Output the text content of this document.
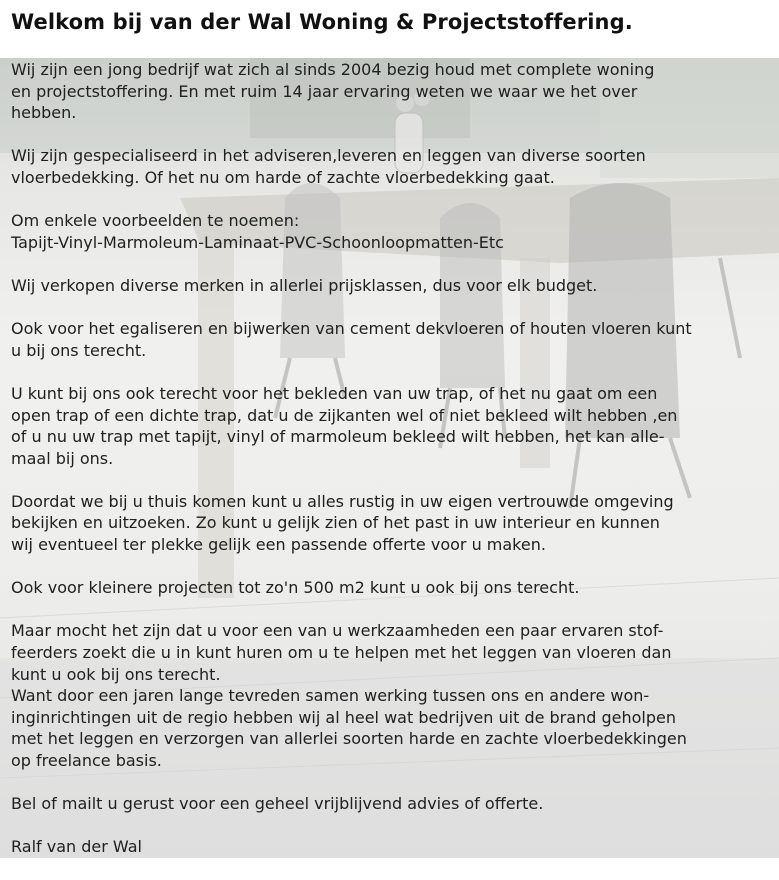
Welkom bij van der Wal Woning & Projectstoffering.

Wij zijn een jong bedrijf wat zich al sinds 2004 bezig houd met complete woning
en projectstoffering. En met ruim 14 jaar ervaring weten we waar we het over
hebben.

Wij zijn gespecialiseerd in het adviseren,leveren en leggen van diverse soorten
vloerbedekking. Of het nu om harde of zachte vloerbedekking gaat.

Om enkele voorbeelden te noemen:
Tapijt-Vinyl-Marmoleum-Laminaat-PVC-Schoonloopmatten-Etc

Wij verkopen diverse merken in allerlei prijsklassen, dus voor elk budget.

Ook voor het egaliseren en bijwerken van cement dekvloeren of houten vloeren kunt
u bij ons terecht.

U kunt bij ons ook terecht voor het bekleden van uw trap, of het nu gaat om een
open trap of een dichte trap, dat u de zijkanten wel of niet bekleed wilt hebben ,en
of u nu uw trap met tapijt, vinyl of marmoleum bekleed wilt hebben, het kan alle-
maal bij ons.

Doordat we bij u thuis komen kunt u alles rustig in uw eigen vertrouwde omgeving
bekijken en uitzoeken. Zo kunt u gelijk zien of het past in uw interieur en kunnen
wij eventueel ter plekke gelijk een passende offerte voor u maken.

Ook voor kleinere projecten tot zo'n 500 m2 kunt u ook bij ons terecht.

Maar mocht het zijn dat u voor een van u werkzaamheden een paar ervaren stof-
feerders zoekt die u in kunt huren om u te helpen met het leggen van vloeren dan
kunt u ook bij ons terecht.

Want door een jaren lange tevreden samen werking tussen ons en andere won-
inginrichtingen uit de regio hebben wij al heel wat bedrijven uit de brand geholpen
met het leggen en verzorgen van allerlei soorten harde en zachte vloerbedekkingen
op freelance basis.

Bel of mailt u gerust voor een geheel vrijblijvend advies of offerte.

Ralf van der Wal
